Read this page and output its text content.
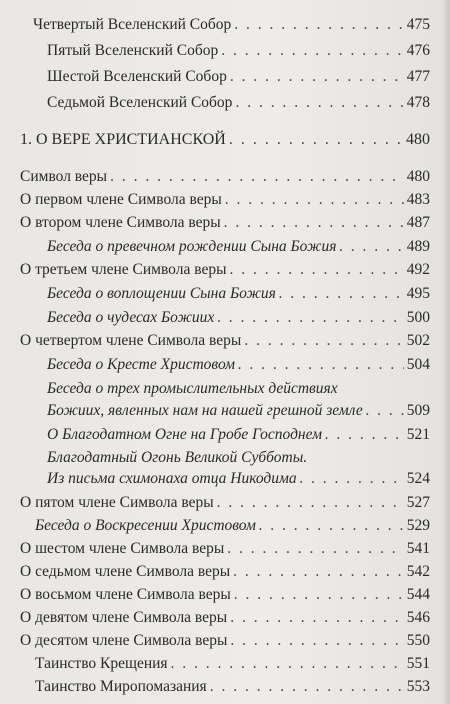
Четвертый Вселенский Собор . . .	475
Пятый Вселенский Собор . . .	476
Шестой Вселенский Собор . . .	477
Седьмой Вселенский Собор . . .	478
1. О ВЕРЕ ХРИСТИАНСКОЙ . . .	480
Символ веры . . .	480
О первом члене Символа веры . . .	483
О втором члене Символа веры . . .	487
Беседа о превечном рождении Сына Божия . . .	489
О третьем члене Символа веры . . .	492
Беседа о воплощении Сына Божия . . .	495
Беседа о чудесах Божиих . . .	500
О четвертом члене Символа веры . . .	502
Беседа о Кресте Христовом . . .	504
Беседа о трех промыслительных действиях
Божиих, явленных нам на нашей грешной земле . . .	509
О Благодатном Огне на Гробе Господнем . . .	521
Благодатный Огонь Великой Субботы.
Из письма схимонаха отца Никодима . . .	524
О пятом члене Символа веры . . .	527
Беседа о Воскресении Христовом . . .	529
О шестом члене Символа веры . . .	541
О седьмом члене Символа веры . . .	542
О восьмом члене Символа веры . . .	544
О девятом члене Символа веры . . .	546
О десятом члене Символа веры . . .	550
Таинство Крещения . . .	551
Таинство Миропомазания . . .	553
